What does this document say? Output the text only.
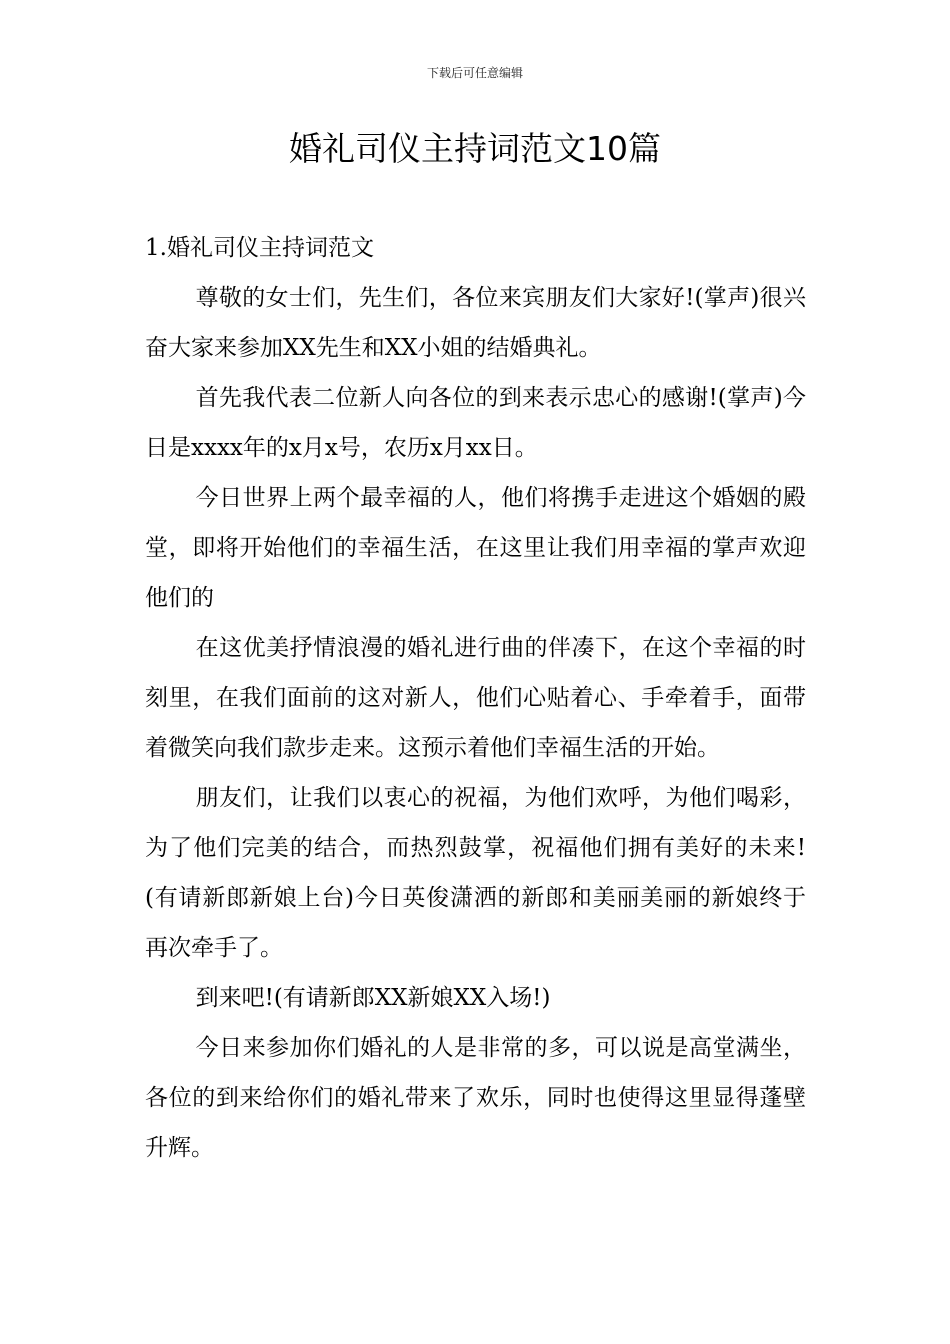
下载后可任意编辑
婚礼司仪主持词范文10篇

1.婚礼司仪主持词范文

尊敬的女士们，先生们，各位来宾朋友们大家好!(掌声)很兴奋大家来参加XX先生和XX小姐的结婚典礼。

首先我代表二位新人向各位的到来表示忠心的感谢!(掌声)今日是xxxx年的x月x号，农历x月xx日。

今日世界上两个最幸福的人，他们将携手走进这个婚姻的殿堂，即将开始他们的幸福生活，在这里让我们用幸福的掌声欢迎他们的

在这优美抒情浪漫的婚礼进行曲的伴凑下，在这个幸福的时刻里，在我们面前的这对新人，他们心贴着心、手牵着手，面带着微笑向我们款步走来。这预示着他们幸福生活的开始。

朋友们，让我们以衷心的祝福，为他们欢呼，为他们喝彩，为了他们完美的结合，而热烈鼓掌，祝福他们拥有美好的未来!(有请新郎新娘上台)今日英俊潇洒的新郎和美丽美丽的新娘终于再次牵手了。

到来吧!(有请新郎XX新娘XX入场!)

今日来参加你们婚礼的人是非常的多，可以说是高堂满坐，各位的到来给你们的婚礼带来了欢乐，同时也使得这里显得蓬壁升辉。
